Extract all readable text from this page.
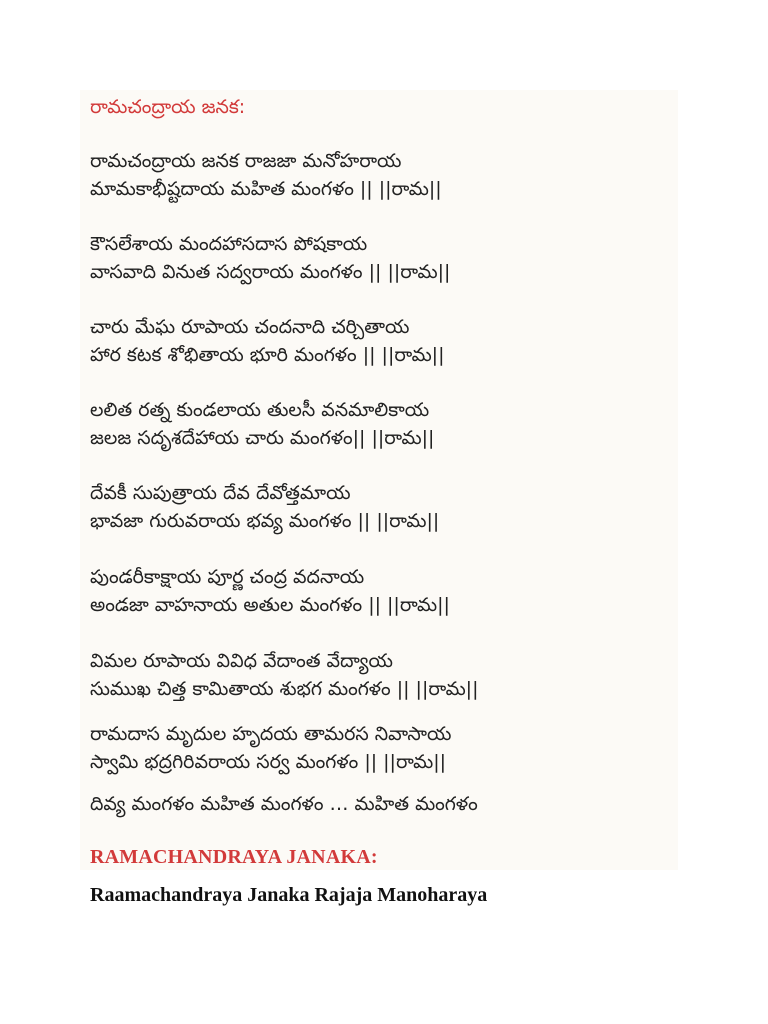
రామచంద్రాయ జనక:
రామచంద్రాయ జనక రాజజా మనోహరాయ
మామకాభీష్టదాయ మహిత మంగళం || ||రామ||
కౌసలేశాయ మందహాసదాస పోషకాయ
వాసవాది వినుత సద్వరాయ మంగళం || ||రామ||
చారు మేఘ రూపాయ చందనాది చర్చితాయ
హార కటక శోభితాయ భూరి మంగళం || ||రామ||
లలిత రత్న కుండలాయ తులసీ వనమాలికాయ
జలజ సదృశదేహాయ చారు మంగళం|| ||రామ||
దేవకీ సుపుత్రాయ దేవ దేవోత్తమాయ
భావజా గురువరాయ భవ్య మంగళం || ||రామ||
పుండరీకాక్షాయ పూర్ణ చంద్ర వదనాయ
అండజా వాహనాయ అతుల మంగళం || ||రామ||
విమల రూపాయ వివిధ వేదాంత వేద్యాయ
సుముఖ చిత్త కామితాయ శుభగ మంగళం || ||రామ||
రామదాస మృదుల హృదయ తామరస నివాసాయ
స్వామి భద్రగిరివరాయ సర్వ మంగళం || ||రామ||
దివ్య మంగళం మహిత మంగళం … మహిత మంగళం
RAMACHANDRAYA JANAKA:
Raamachandraya Janaka Rajaja Manoharaya
